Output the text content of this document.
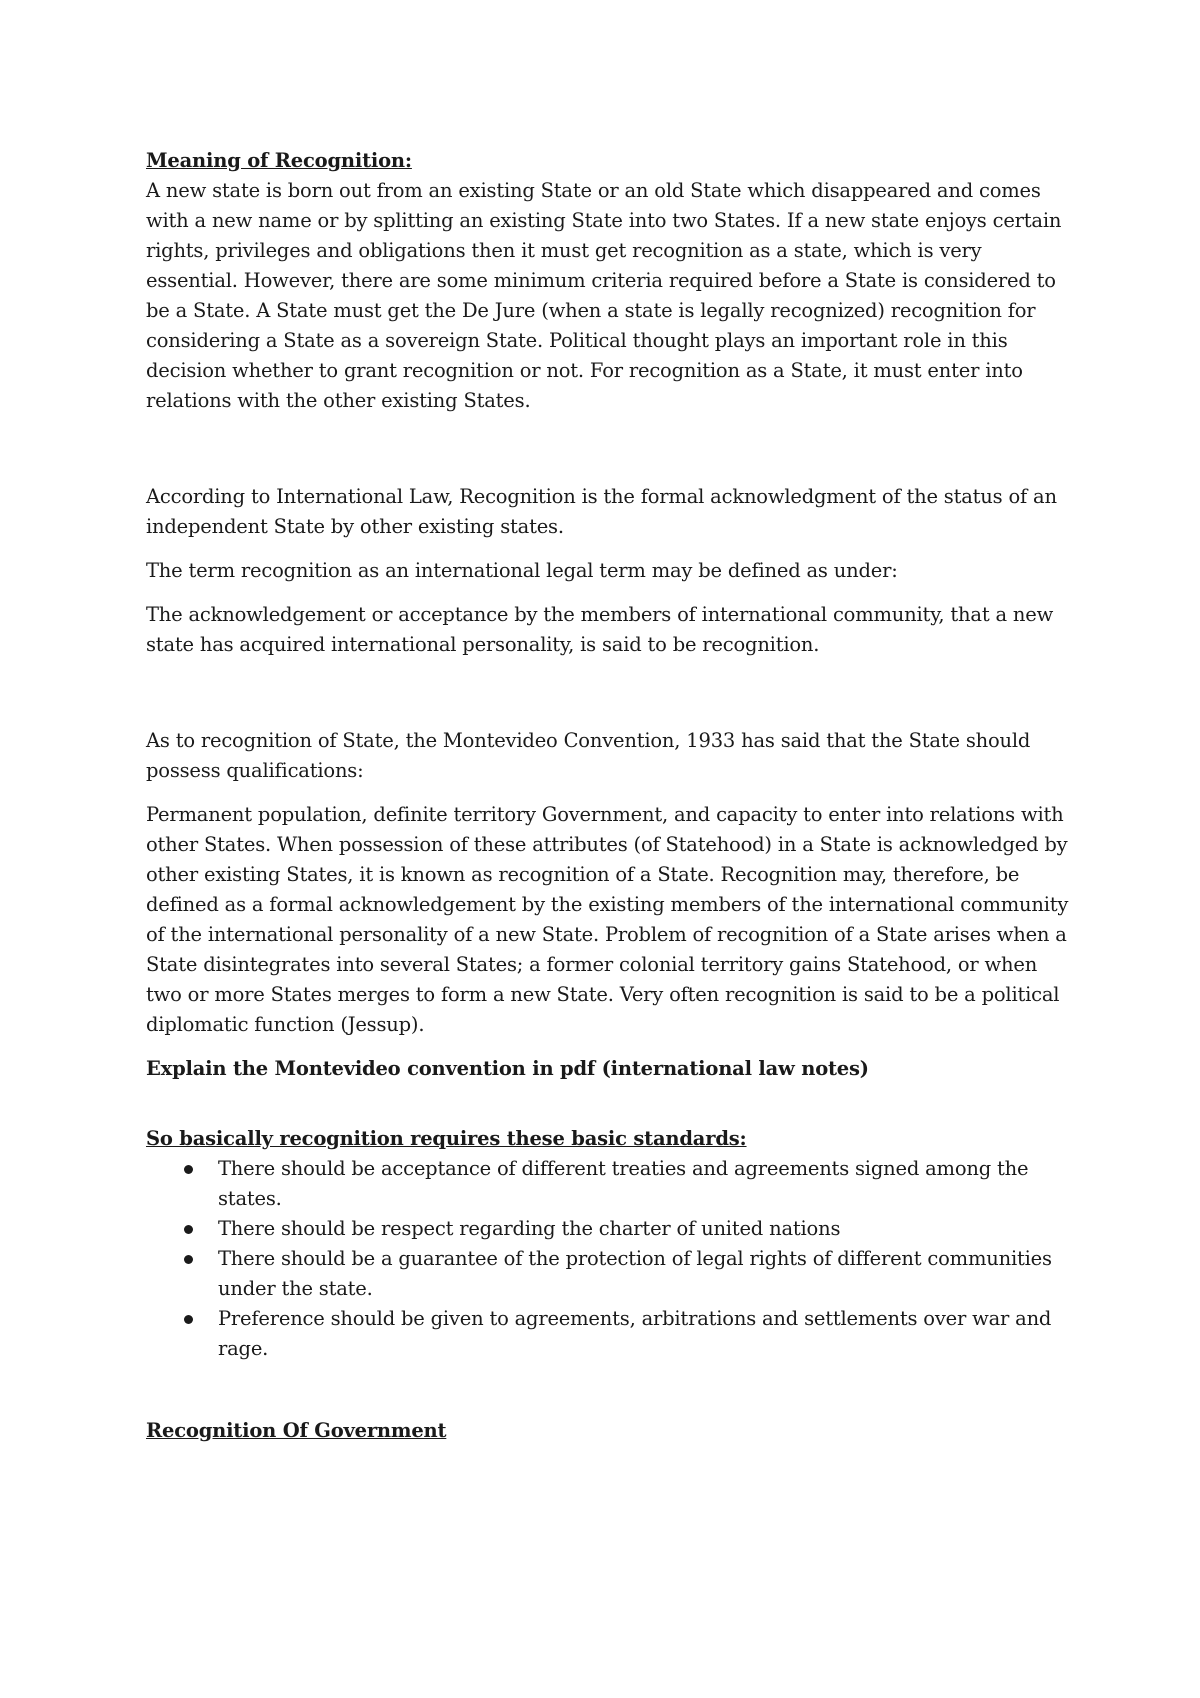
Meaning of Recognition:

A new state is born out from an existing State or an old State which disappeared and comes with a new name or by splitting an existing State into two States. If a new state enjoys certain rights, privileges and obligations then it must get recognition as a state, which is very essential. However, there are some minimum criteria required before a State is considered to be a State. A State must get the De Jure (when a state is legally recognized) recognition for considering a State as a sovereign State. Political thought plays an important role in this decision whether to grant recognition or not. For recognition as a State, it must enter into relations with the other existing States.

According to International Law, Recognition is the formal acknowledgment of the status of an independent State by other existing states.

The term recognition as an international legal term may be defined as under:

The acknowledgement or acceptance by the members of international community, that a new state has acquired international personality, is said to be recognition.

As to recognition of State, the Montevideo Convention, 1933 has said that the State should possess qualifications:

Permanent population, definite territory Government, and capacity to enter into relations with other States. When possession of these attributes (of Statehood) in a State is acknowledged by other existing States, it is known as recognition of a State. Recognition may, therefore, be defined as a formal acknowledgement by the existing members of the international community of the international personality of a new State. Problem of recognition of a State arises when a State disintegrates into several States; a former colonial territory gains Statehood, or when two or more States merges to form a new State. Very often recognition is said to be a political diplomatic function (Jessup).

Explain the Montevideo convention in pdf (international law notes)

So basically recognition requires these basic standards:

There should be acceptance of different treaties and agreements signed among the states.
There should be respect regarding the charter of united nations
There should be a guarantee of the protection of legal rights of different communities under the state.
Preference should be given to agreements, arbitrations and settlements over war and rage.

Recognition Of Government
